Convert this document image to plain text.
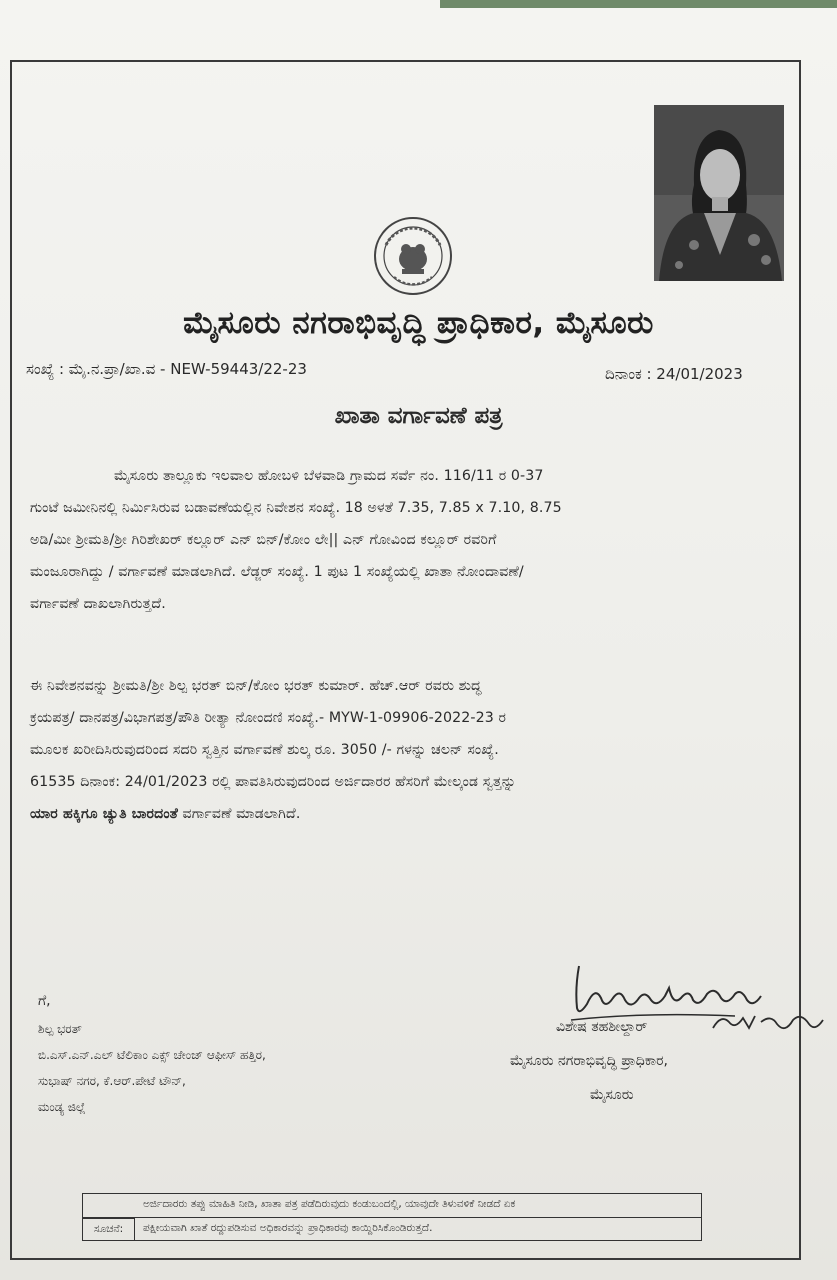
ಮೈಸೂರು ನಗರಾಭಿವೃದ್ಧಿ ಪ್ರಾಧಿಕಾರ, ಮೈಸೂರು
ಸಂಖ್ಯೆ : ಮೈ.ನ.ಪ್ರಾ/ಖಾ.ವ - NEW-59443/22-23	ದಿನಾಂಕ : 24/01/2023
ಖಾತಾ ವರ್ಗಾವಣೆ ಪತ್ರ
ಮೈಸೂರು ತಾಲ್ಲೂಕು ಇಲವಾಲ ಹೋಬಳಿ ಬೆಳವಾಡಿ ಗ್ರಾಮದ ಸರ್ವೆ ನಂ. 116/11 ರ 0-37
ಗುಂಟೆ ಜಮೀನಿನಲ್ಲಿ ನಿರ್ಮಿಸಿರುವ ಬಡಾವಣೆಯಲ್ಲಿನ ನಿವೇಶನ ಸಂಖ್ಯೆ. 18 ಅಳತೆ 7.35, 7.85 x 7.10, 8.75
ಅಡಿ/ಮೀ ಶ್ರೀಮತಿ/ಶ್ರೀ ಗಿರಿಶೇಖರ್ ಕಲ್ಲೂರ್ ಎನ್ ಬಿನ್/ಕೋಂ ಲೇ|| ಎನ್ ಗೋವಿಂದ ಕಲ್ಲೂರ್ ರವರಿಗೆ
ಮಂಜೂರಾಗಿದ್ದು / ವರ್ಗಾವಣೆ ಮಾಡಲಾಗಿದೆ. ಲೆಡ್ಜರ್ ಸಂಖ್ಯೆ. 1 ಪುಟ 1 ಸಂಖ್ಯೆಯಲ್ಲಿ ಖಾತಾ ನೋಂದಾವಣೆ/
ವರ್ಗಾವಣೆ ದಾಖಲಾಗಿರುತ್ತದೆ.
ಈ ನಿವೇಶನವನ್ನು ಶ್ರೀಮತಿ/ಶ್ರೀ ಶಿಲ್ಪ ಭರತ್ ಬಿನ್/ಕೋಂ ಭರತ್ ಕುಮಾರ್. ಹೆಚ್.ಆರ್ ರವರು ಶುದ್ಧ
ಕ್ರಯಪತ್ರ/ ದಾನಪತ್ರ/ವಿಭಾಗಪತ್ರ/ಪೌತಿ ರೀತ್ಯಾ ನೋಂದಣಿ ಸಂಖ್ಯೆ.- MYW-1-09906-2022-23 ರ
ಮೂಲಕ ಖರೀದಿಸಿರುವುದರಿಂದ ಸದರಿ ಸ್ವತ್ತಿನ ವರ್ಗಾವಣೆ ಶುಲ್ಕ ರೂ. 3050 /- ಗಳನ್ನು ಚಲನ್ ಸಂಖ್ಯೆ.
61535 ದಿನಾಂಕ: 24/01/2023 ರಲ್ಲಿ ಪಾವತಿಸಿರುವುದರಿಂದ ಅರ್ಜಿದಾರರ ಹೆಸರಿಗೆ ಮೇಲ್ಕಂಡ ಸ್ವತ್ತನ್ನು
ಯಾರ ಹಕ್ಕಿಗೂ ಚ್ಯುತಿ ಬಾರದಂತೆ ವರ್ಗಾವಣೆ ಮಾಡಲಾಗಿದೆ.
ಗೆ,
ಶಿಲ್ಪ ಭರತ್
ಬಿ.ಎಸ್.ಎನ್.ಎಲ್ ಟೆಲಿಕಾಂ ಎಕ್ಸ್ ಚೇಂಜ್ ಆಫೀಸ್ ಹತ್ತಿರ,
ಸುಭಾಷ್ ನಗರ, ಕೆ.ಆರ್.ಪೇಟೆ ಟೌನ್,
ಮಂಡ್ಯ ಜಿಲ್ಲೆ
ವಿಶೇಷ ತಹಶೀಲ್ದಾರ್
ಮೈಸೂರು ನಗರಾಭಿವೃದ್ಧಿ ಪ್ರಾಧಿಕಾರ,
ಮೈಸೂರು
ಅರ್ಜಿದಾರರು ತಪ್ಪು ಮಾಹಿತಿ ನೀಡಿ, ಖಾತಾ ಪತ್ರ ಪಡೆದಿರುವುದು ಕಂಡುಬಂದಲ್ಲಿ, ಯಾವುದೇ ತಿಳುವಳಿಕೆ ನೀಡದೆ ಏಕ
ಸೂಚನೆ:	ಪಕ್ಷೀಯವಾಗಿ ಖಾತೆ ರದ್ದುಪಡಿಸುವ ಅಧಿಕಾರವನ್ನು ಪ್ರಾಧಿಕಾರವು ಕಾಯ್ದಿರಿಸಿಕೊಂಡಿರುತ್ತದೆ.
